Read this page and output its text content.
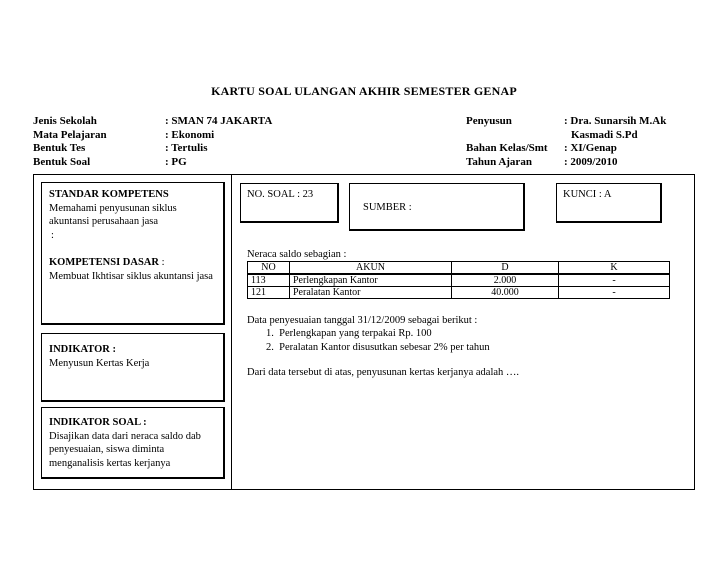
KARTU SOAL ULANGAN AKHIR SEMESTER GENAP
Jenis Sekolah	: SMAN 74 JAKARTA
Mata Pelajaran	: Ekonomi
Bentuk Tes	: Tertulis
Bentuk Soal	: PG
Penyusun	: Dra. Sunarsih M.Ak
Kasmadi S.Pd
Bahan Kelas/Smt : XI/Genap
Tahun Ajaran	: 2009/2010
STANDAR KOMPETENS
Memahami penyusunan siklus akuntansi perusahaan jasa
:
KOMPETENSI DASAR :
Membuat Ikhtisar siklus akuntansi jasa
INDIKATOR :
Menyusun Kertas Kerja
INDIKATOR SOAL :
Disajikan data dari neraca saldo dab penyesuaian, siswa diminta menganalisis kertas kerjanya
NO. SOAL : 23
SUMBER :
KUNCI : A
Neraca saldo sebagian :
NO	AKUN	D	K
113	Perlengkapan Kantor	2.000	-
121	Peralatan Kantor	40.000	-
Data penyesuaian tanggal 31/12/2009 sebagai berikut :
1.  Perlengkapan yang terpakai Rp. 100
2.  Peralatan Kantor disusutkan sebesar 2% per tahun
Dari data tersebut di atas, penyusunan kertas kerjanya adalah ….
